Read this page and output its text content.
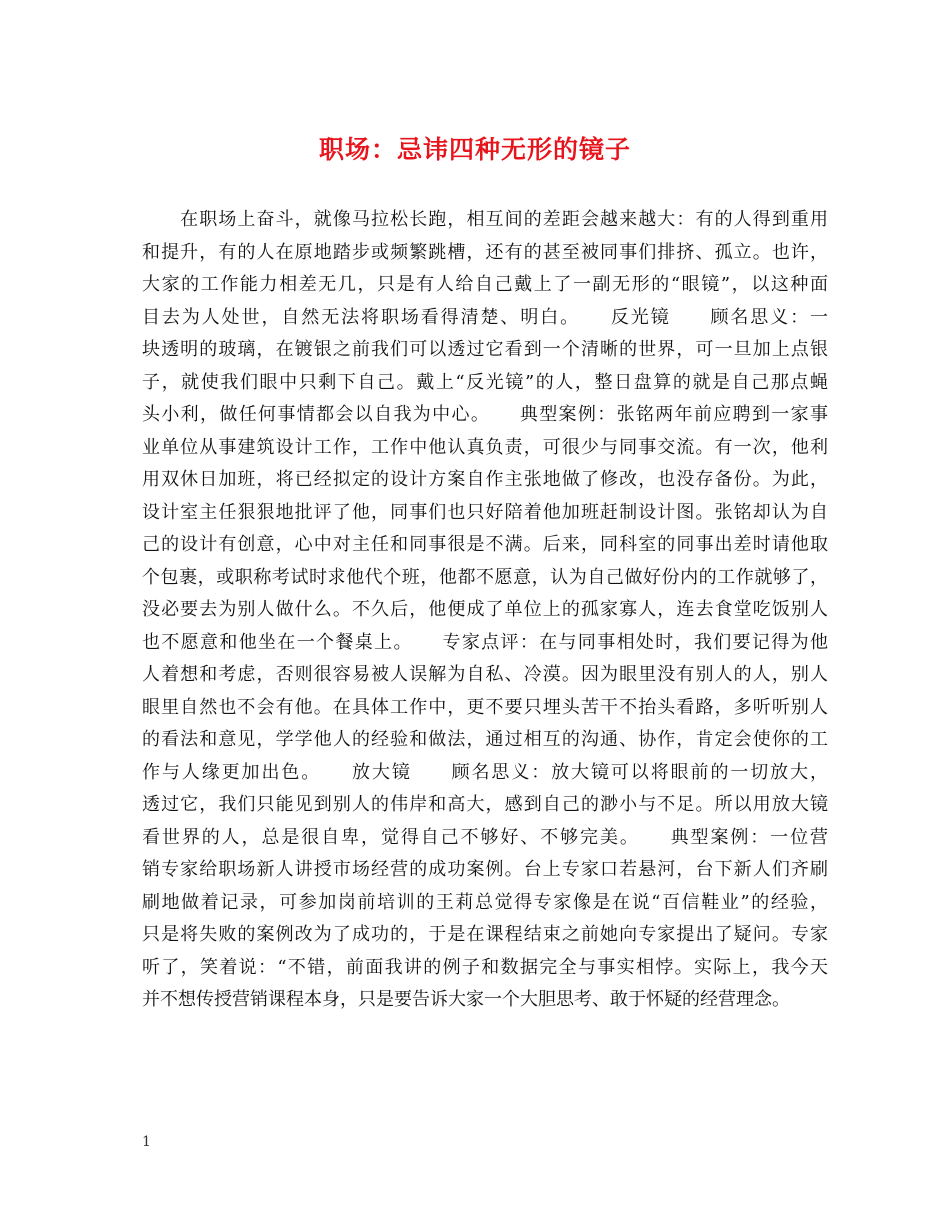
职场：忌讳四种无形的镜子
　　在职场上奋斗，就像马拉松长跑，相互间的差距会越来越大：有的人得到重用
和提升，有的人在原地踏步或频繁跳槽，还有的甚至被同事们排挤、孤立。也许，
大家的工作能力相差无几，只是有人给自己戴上了一副无形的“眼镜”，以这种面
目去为人处世，自然无法将职场看得清楚、明白。　　反光镜　　顾名思义：一
块透明的玻璃，在镀银之前我们可以透过它看到一个清晰的世界，可一旦加上点银
子，就使我们眼中只剩下自己。戴上“反光镜”的人，整日盘算的就是自己那点蝇
头小利，做任何事情都会以自我为中心。　　典型案例：张铭两年前应聘到一家事
业单位从事建筑设计工作，工作中他认真负责，可很少与同事交流。有一次，他利
用双休日加班，将已经拟定的设计方案自作主张地做了修改，也没存备份。为此，
设计室主任狠狠地批评了他，同事们也只好陪着他加班赶制设计图。张铭却认为自
己的设计有创意，心中对主任和同事很是不满。后来，同科室的同事出差时请他取
个包裹，或职称考试时求他代个班，他都不愿意，认为自己做好份内的工作就够了，
没必要去为别人做什么。不久后，他便成了单位上的孤家寡人，连去食堂吃饭别人
也不愿意和他坐在一个餐桌上。　　专家点评：在与同事相处时，我们要记得为他
人着想和考虑，否则很容易被人误解为自私、冷漠。因为眼里没有别人的人，别人
眼里自然也不会有他。在具体工作中，更不要只埋头苦干不抬头看路，多听听别人
的看法和意见，学学他人的经验和做法，通过相互的沟通、协作，肯定会使你的工
作与人缘更加出色。　　放大镜　　顾名思义：放大镜可以将眼前的一切放大，
透过它，我们只能见到别人的伟岸和高大，感到自己的渺小与不足。所以用放大镜
看世界的人，总是很自卑，觉得自己不够好、不够完美。　　典型案例：一位营
销专家给职场新人讲授市场经营的成功案例。台上专家口若悬河，台下新人们齐刷
刷地做着记录，可参加岗前培训的王莉总觉得专家像是在说“百信鞋业”的经验，
只是将失败的案例改为了成功的，于是在课程结束之前她向专家提出了疑问。专家
听了，笑着说：“不错，前面我讲的例子和数据完全与事实相悖。实际上，我今天
并不想传授营销课程本身，只是要告诉大家一个大胆思考、敢于怀疑的经营理念。
1
